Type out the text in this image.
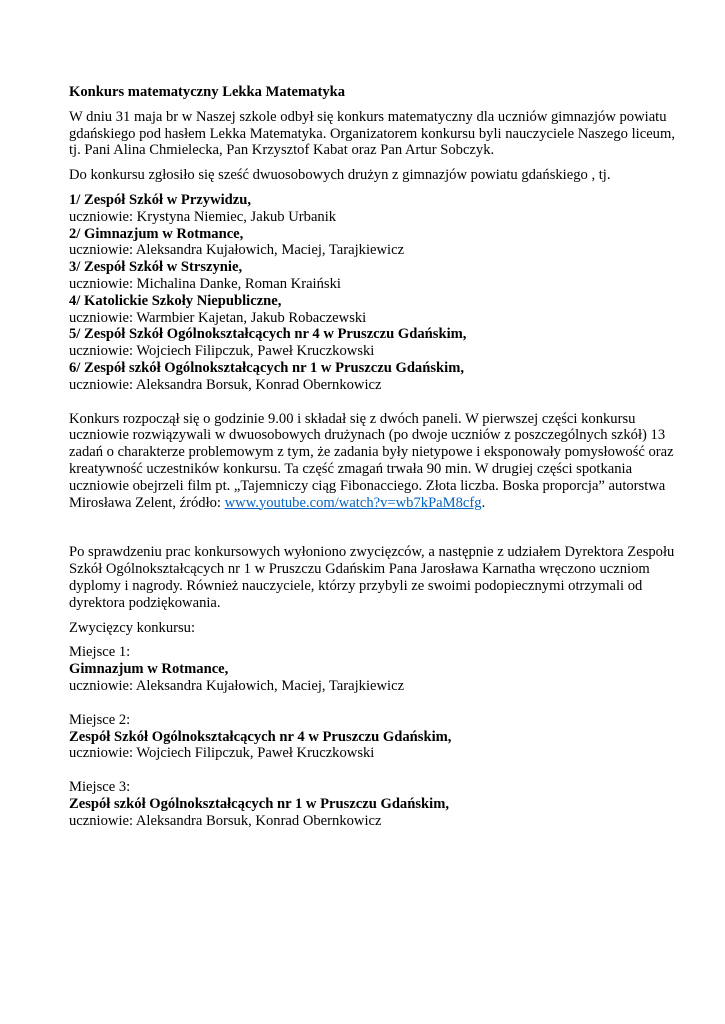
Konkurs matematyczny Lekka Matematyka

W dniu 31 maja br w Naszej szkole odbył się konkurs matematyczny dla uczniów gimnazjów powiatu gdańskiego pod hasłem Lekka Matematyka. Organizatorem konkursu byli nauczyciele Naszego liceum, tj. Pani Alina Chmielecka, Pan Krzysztof Kabat oraz Pan Artur Sobczyk.

Do konkursu zgłosiło się sześć dwuosobowych drużyn z gimnazjów powiatu gdańskiego , tj.

1/ Zespół Szkół w Przywidzu,

uczniowie: Krystyna Niemiec, Jakub Urbanik

2/ Gimnazjum w Rotmance,

uczniowie: Aleksandra Kujałowich, Maciej, Tarajkiewicz

3/ Zespół Szkół w Strszynie,

uczniowie: Michalina Danke, Roman Kraiński

4/ Katolickie Szkoły Niepubliczne,

uczniowie: Warmbier Kajetan, Jakub Robaczewski

5/ Zespół Szkół Ogólnokształcących nr 4 w Pruszczu Gdańskim,

uczniowie: Wojciech Filipczuk, Paweł Kruczkowski

6/ Zespół szkół Ogólnokształcących nr 1 w Pruszczu Gdańskim,

uczniowie: Aleksandra Borsuk, Konrad Obernkowicz

Konkurs rozpoczął się o godzinie 9.00 i składał się z dwóch paneli. W pierwszej części konkursu uczniowie rozwiązywali w dwuosobowych drużynach (po dwoje uczniów z poszczególnych szkół) 13 zadań o charakterze problemowym z tym, że zadania były nietypowe i eksponowały pomysłowość oraz kreatywność uczestników konkursu. Ta część zmagań trwała 90 min. W drugiej części spotkania uczniowie obejrzeli film pt. „Tajemniczy ciąg Fibonacciego. Złota liczba. Boska proporcja” autorstwa Mirosława Zelent, źródło: www.youtube.com/watch?v=wb7kPaM8cfg.

Po sprawdzeniu prac konkursowych wyłoniono zwycięzców, a następnie z udziałem Dyrektora Zespołu Szkół Ogólnokształcących nr 1 w Pruszczu Gdańskim Pana Jarosława Karnatha wręczono uczniom dyplomy i nagrody. Również nauczyciele, którzy przybyli ze swoimi podopiecznymi otrzymali od dyrektora podziękowania.

Zwycięzcy konkursu:

Miejsce 1:

Gimnazjum w Rotmance,

uczniowie: Aleksandra Kujałowich, Maciej, Tarajkiewicz

Miejsce 2:

Zespół Szkół Ogólnokształcących nr 4 w Pruszczu Gdańskim,

uczniowie: Wojciech Filipczuk, Paweł Kruczkowski

Miejsce 3:

Zespół szkół Ogólnokształcących nr 1 w Pruszczu Gdańskim,

uczniowie: Aleksandra Borsuk, Konrad Obernkowicz
